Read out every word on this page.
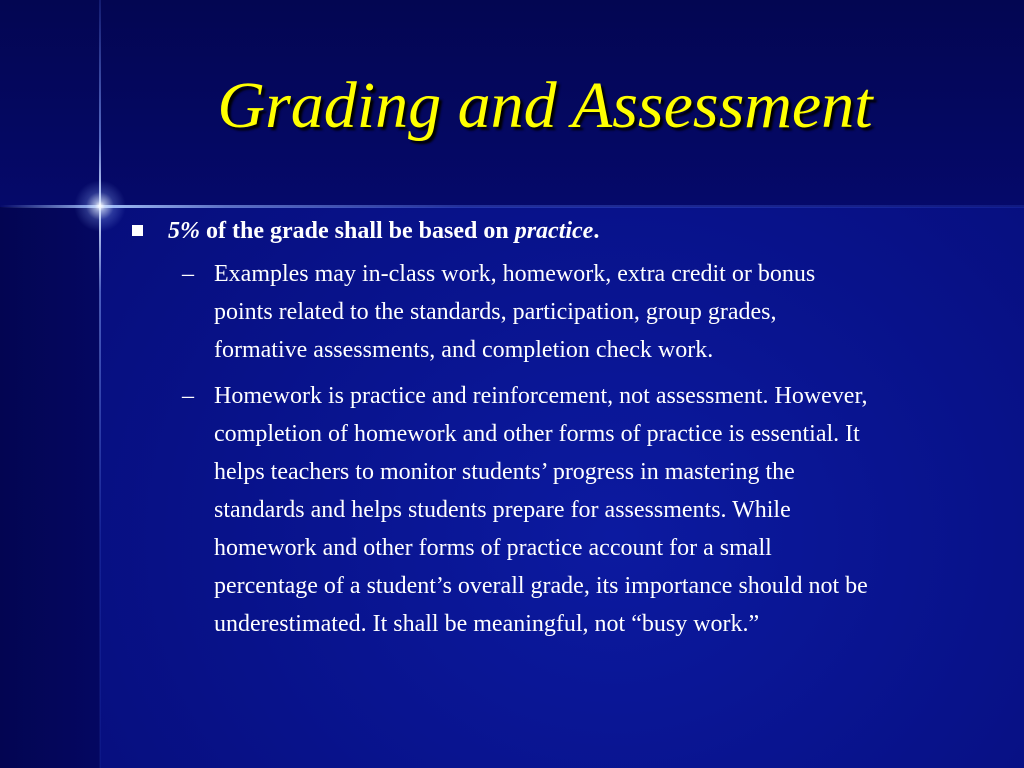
Grading and Assessment
5% of the grade shall be based on practice.
– Examples may in-class work, homework, extra credit or bonus points related to the standards, participation, group grades, formative assessments, and completion check work.
– Homework is practice and reinforcement, not assessment. However, completion of homework and other forms of practice is essential. It helps teachers to monitor students’ progress in mastering the standards and helps students prepare for assessments. While homework and other forms of practice account for a small percentage of a student’s overall grade, its importance should not be underestimated. It shall be meaningful, not “busy work.”
